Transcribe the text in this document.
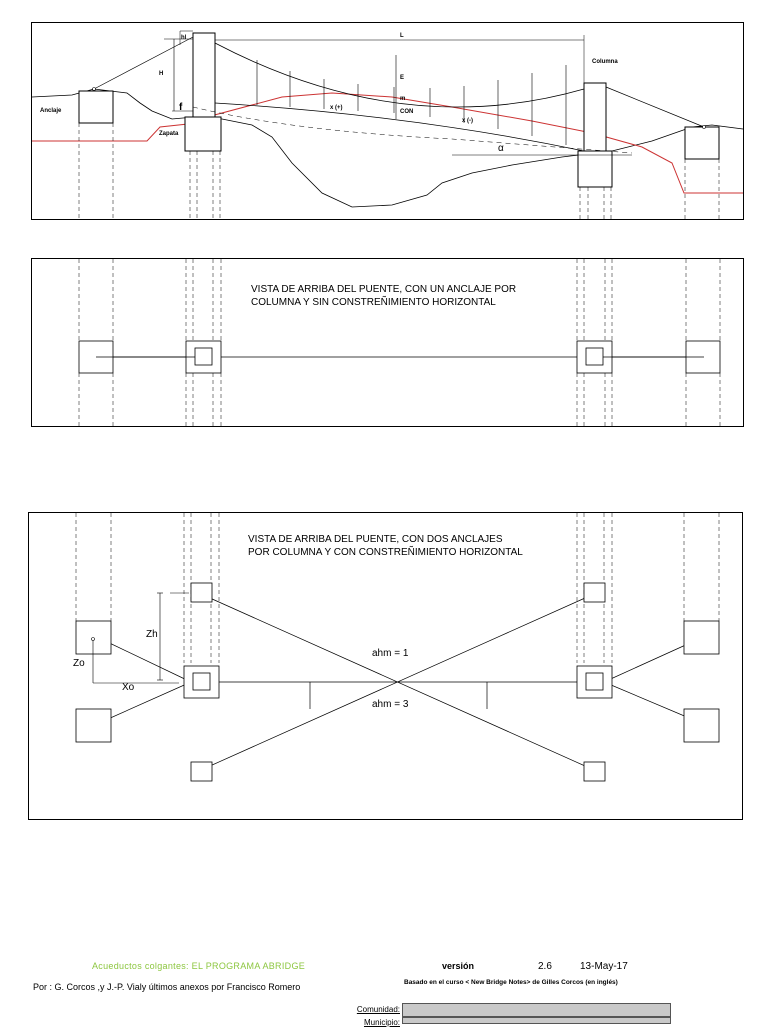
hl
H
f
L
E
m
CON
x (+)
x (-)
Anclaje
Zapata
Columna
α
VISTA DE ARRIBA DEL PUENTE, CON UN ANCLAJE POR
COLUMNA Y SIN CONSTREÑIMIENTO HORIZONTAL
VISTA DE ARRIBA DEL PUENTE, CON DOS ANCLAJES
POR COLUMNA Y CON CONSTREÑIMIENTO HORIZONTAL
Zh
Zo
Xo
ahm = 1
ahm = 3
Acueductos colgantes: EL PROGRAMA ABRIDGE	versión	2.6	13-May-17
Por : G. Corcos ,y J.-P. Vialy últimos anexos por Francisco Romero	Basado en el curso < New Bridge Notes> de Gilles Corcos (en inglés)
Comunidad:
Municipio:
